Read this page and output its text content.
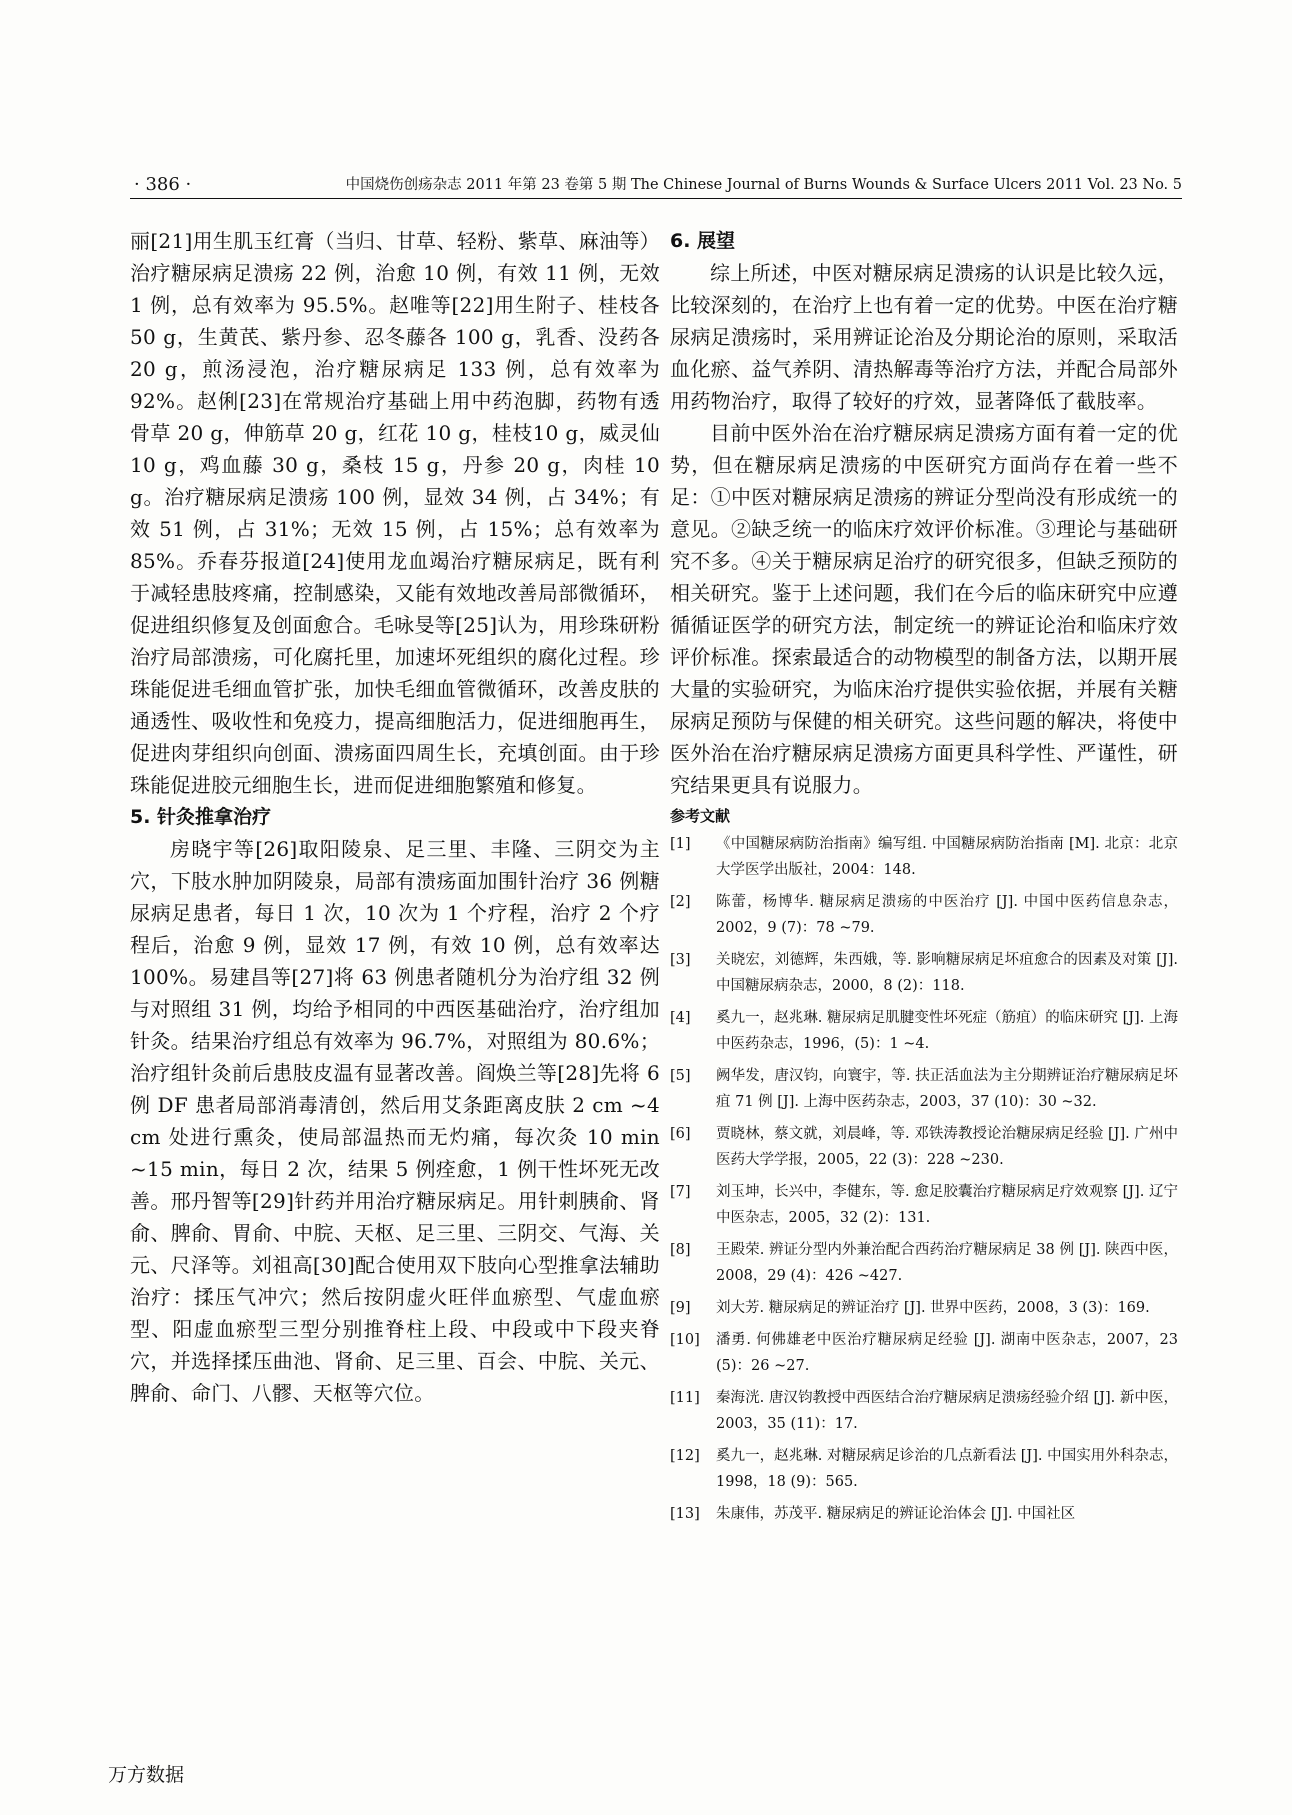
· 386 ·	中国烧伤创疡杂志 2011 年第 23 卷第 5 期 The Chinese Journal of Burns Wounds & Surface Ulcers 2011 Vol. 23 No. 5

丽[21]用生肌玉红膏（当归、甘草、轻粉、紫草、麻油等）治疗糖尿病足溃疡 22 例，治愈 10 例，有效 11 例，无效 1 例，总有效率为 95.5%。赵唯等[22]用生附子、桂枝各 50 g，生黄芪、紫丹参、忍冬藤各 100 g，乳香、没药各 20 g，煎汤浸泡，治疗糖尿病足 133 例，总有效率为 92%。赵俐[23]在常规治疗基础上用中药泡脚，药物有透骨草 20 g，伸筋草 20 g，红花 10 g，桂枝10 g，威灵仙 10 g，鸡血藤 30 g，桑枝 15 g，丹参 20 g，肉桂 10 g。治疗糖尿病足溃疡 100 例，显效 34 例，占 34%；有效 51 例，占 31%；无效 15 例，占 15%；总有效率为 85%。乔春芬报道[24]使用龙血竭治疗糖尿病足，既有利于减轻患肢疼痛，控制感染，又能有效地改善局部微循环，促进组织修复及创面愈合。毛咏旻等[25]认为，用珍珠研粉治疗局部溃疡，可化腐托里，加速坏死组织的腐化过程。珍珠能促进毛细血管扩张，加快毛细血管微循环，改善皮肤的通透性、吸收性和免疫力，提高细胞活力，促进细胞再生，促进肉芽组织向创面、溃疡面四周生长，充填创面。由于珍珠能促进胶元细胞生长，进而促进细胞繁殖和修复。

5. 针灸推拿治疗

房晓宇等[26]取阳陵泉、足三里、丰隆、三阴交为主穴，下肢水肿加阴陵泉，局部有溃疡面加围针治疗 36 例糖尿病足患者，每日 1 次，10 次为 1 个疗程，治疗 2 个疗程后，治愈 9 例，显效 17 例，有效 10 例，总有效率达 100%。易建昌等[27]将 63 例患者随机分为治疗组 32 例与对照组 31 例，均给予相同的中西医基础治疗，治疗组加针灸。结果治疗组总有效率为 96.7%，对照组为 80.6%；治疗组针灸前后患肢皮温有显著改善。阎焕兰等[28]先将 6 例 DF 患者局部消毒清创，然后用艾条距离皮肤 2 cm ~4 cm 处进行熏灸，使局部温热而无灼痛，每次灸 10 min ~15 min，每日 2 次，结果 5 例痊愈，1 例干性坏死无改善。邢丹智等[29]针药并用治疗糖尿病足。用针刺胰俞、肾俞、脾俞、胃俞、中脘、天枢、足三里、三阴交、气海、关元、尺泽等。刘祖高[30]配合使用双下肢向心型推拿法辅助治疗：揉压气冲穴；然后按阴虚火旺伴血瘀型、气虚血瘀型、阳虚血瘀型三型分别推脊柱上段、中段或中下段夹脊穴，并选择揉压曲池、肾俞、足三里、百会、中脘、关元、脾俞、命门、八髎、天枢等穴位。

6. 展望

综上所述，中医对糖尿病足溃疡的认识是比较久远，比较深刻的，在治疗上也有着一定的优势。中医在治疗糖尿病足溃疡时，采用辨证论治及分期论治的原则，采取活血化瘀、益气养阴、清热解毒等治疗方法，并配合局部外用药物治疗，取得了较好的疗效，显著降低了截肢率。

目前中医外治在治疗糖尿病足溃疡方面有着一定的优势，但在糖尿病足溃疡的中医研究方面尚存在着一些不足：①中医对糖尿病足溃疡的辨证分型尚没有形成统一的意见。②缺乏统一的临床疗效评价标准。③理论与基础研究不多。④关于糖尿病足治疗的研究很多，但缺乏预防的相关研究。鉴于上述问题，我们在今后的临床研究中应遵循循证医学的研究方法，制定统一的辨证论治和临床疗效评价标准。探索最适合的动物模型的制备方法，以期开展大量的实验研究，为临床治疗提供实验依据，并展有关糖尿病足预防与保健的相关研究。这些问题的解决，将使中医外治在治疗糖尿病足溃疡方面更具科学性、严谨性，研究结果更具有说服力。

参考文献

[1]	《中国糖尿病防治指南》编写组. 中国糖尿病防治指南 [M]. 北京：北京大学医学出版社，2004：148.
[2]	陈蕾，杨博华. 糖尿病足溃疡的中医治疗 [J]. 中国中医药信息杂志，2002，9 (7)：78 ~79.
[3]	关晓宏，刘德辉，朱西娥，等. 影响糖尿病足坏疽愈合的因素及对策 [J]. 中国糖尿病杂志，2000，8 (2)：118.
[4]	奚九一，赵兆琳. 糖尿病足肌腱变性坏死症（筋疽）的临床研究 [J]. 上海中医药杂志，1996，(5)：1 ~4.
[5]	阙华发，唐汉钧，向寰宇，等. 扶正活血法为主分期辨证治疗糖尿病足坏疽 71 例 [J]. 上海中医药杂志，2003，37 (10)：30 ~32.
[6]	贾晓林，蔡文就，刘晨峰，等. 邓铁涛教授论治糖尿病足经验 [J]. 广州中医药大学学报，2005，22 (3)：228 ~230.
[7]	刘玉坤，长兴中，李健东，等. 愈足胶囊治疗糖尿病足疗效观察 [J]. 辽宁中医杂志，2005，32 (2)：131.
[8]	王殿荣. 辨证分型内外兼治配合西药治疗糖尿病足 38 例 [J]. 陕西中医，2008，29 (4)：426 ~427.
[9]	刘大芳. 糖尿病足的辨证治疗 [J]. 世界中医药，2008，3 (3)：169.
[10]	潘勇. 何佛雄老中医治疗糖尿病足经验 [J]. 湖南中医杂志，2007，23 (5)：26 ~27.
[11]	秦海洸. 唐汉钧教授中西医结合治疗糖尿病足溃疡经验介绍 [J]. 新中医，2003，35 (11)：17.
[12]	奚九一，赵兆琳. 对糖尿病足诊治的几点新看法 [J]. 中国实用外科杂志，1998，18 (9)：565.
[13]	朱康伟，苏茂平. 糖尿病足的辨证论治体会 [J]. 中国社区
万方数据
